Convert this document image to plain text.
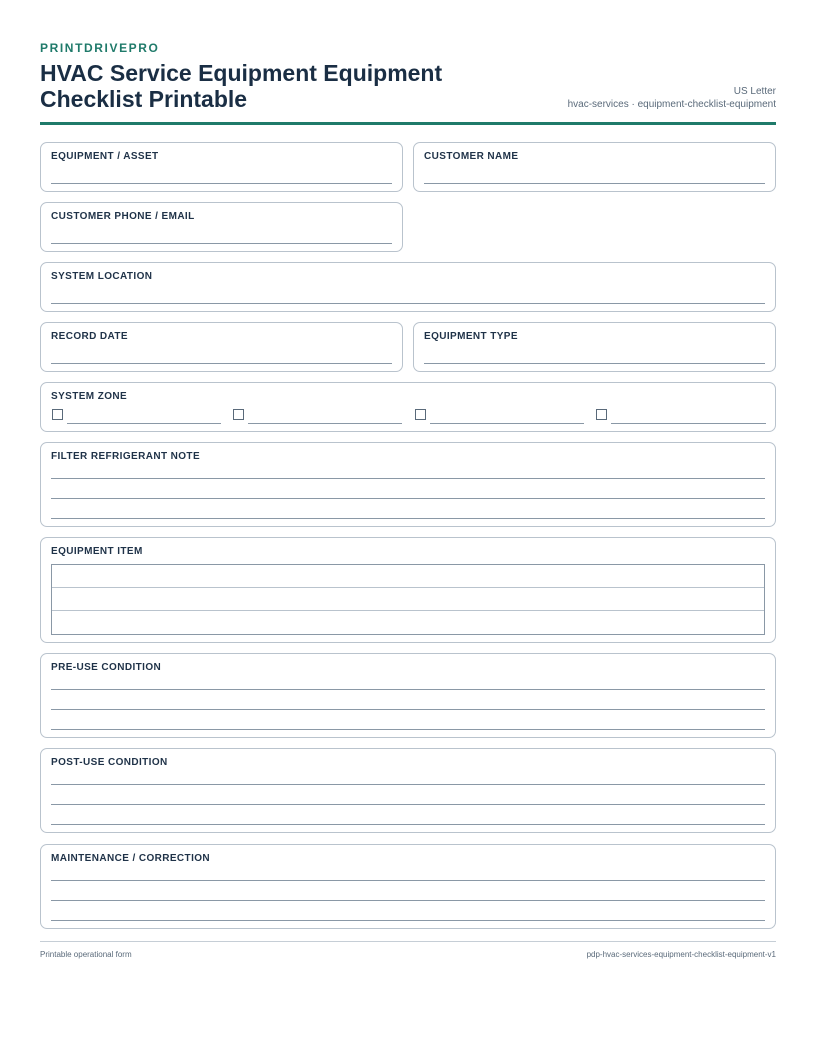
PRINTDRIVEPRO
HVAC Service Equipment Equipment Checklist Printable	US Letter
hvac-services · equipment-checklist-equipment
EQUIPMENT / ASSET	CUSTOMER NAME
CUSTOMER PHONE / EMAIL
SYSTEM LOCATION
RECORD DATE	EQUIPMENT TYPE
SYSTEM ZONE
FILTER REFRIGERANT NOTE
EQUIPMENT ITEM
PRE-USE CONDITION
POST-USE CONDITION
MAINTENANCE / CORRECTION
Printable operational form	pdp-hvac-services-equipment-checklist-equipment-v1
